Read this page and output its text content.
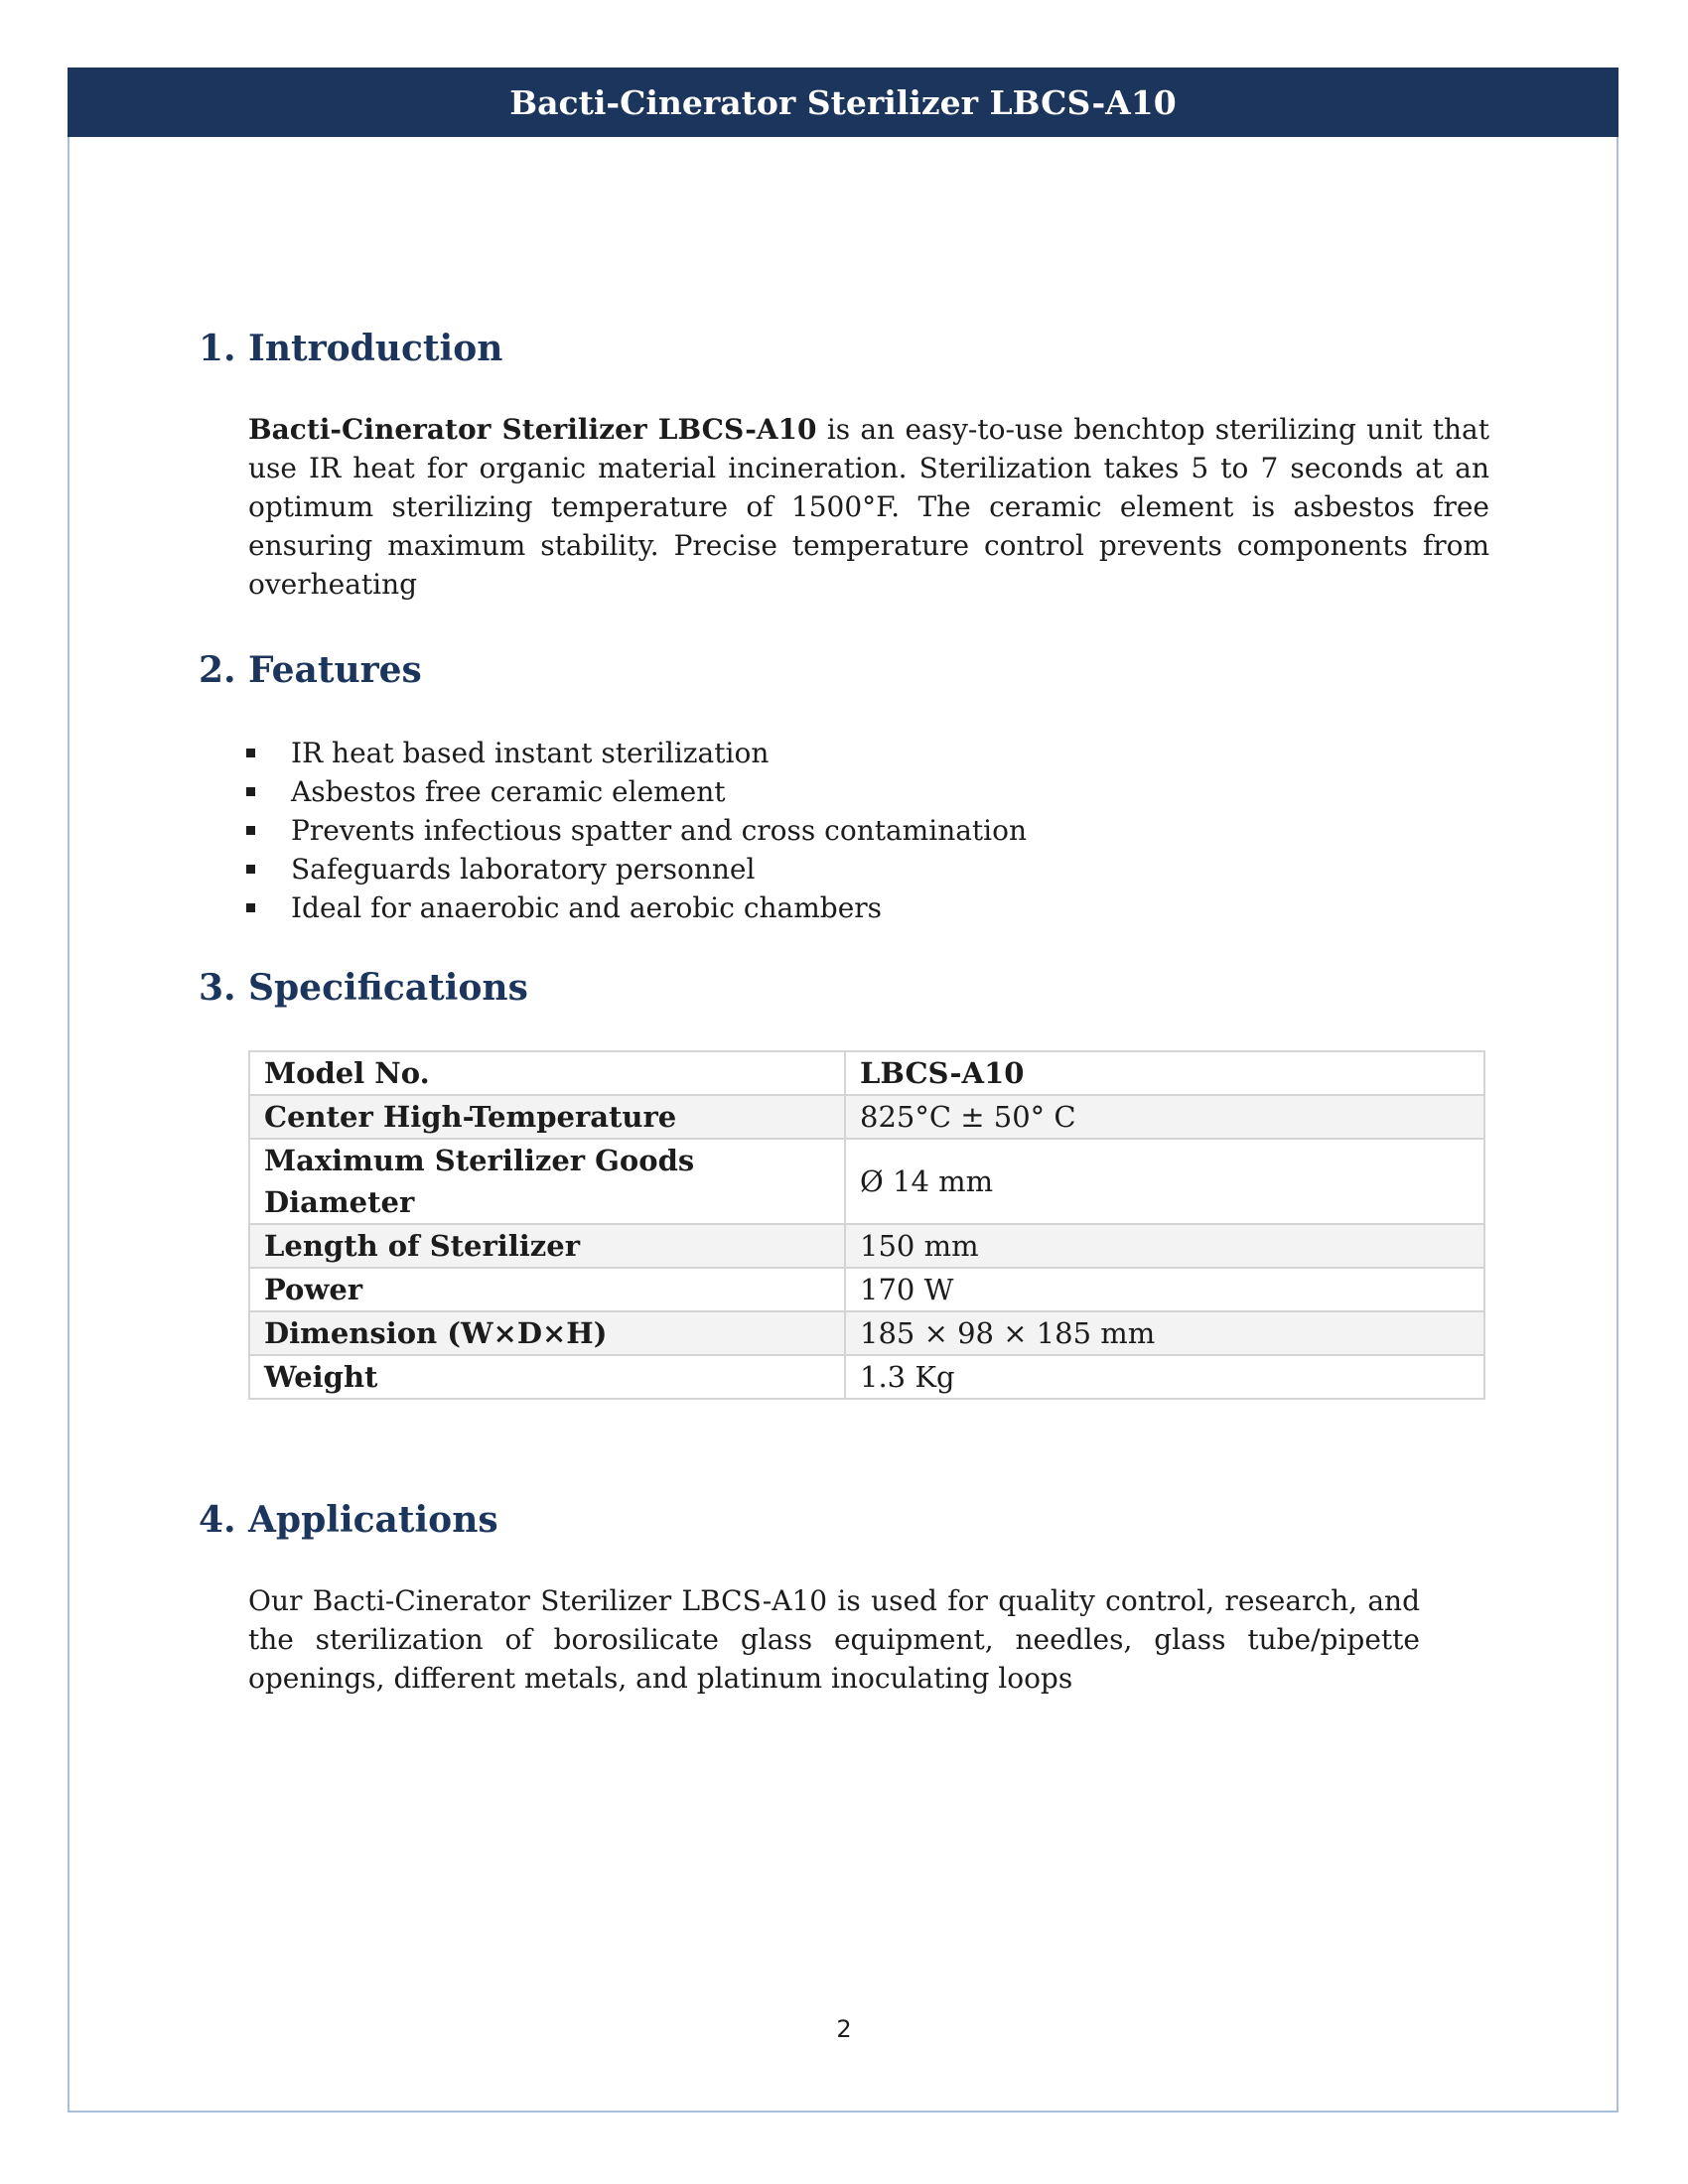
Bacti-Cinerator Sterilizer LBCS-A10
1. Introduction

Bacti-Cinerator Sterilizer LBCS-A10 is an easy-to-use benchtop sterilizing unit that use IR heat for organic material incineration. Sterilization takes 5 to 7 seconds at an optimum sterilizing temperature of 1500°F. The ceramic element is asbestos free ensuring maximum stability. Precise temperature control prevents components from overheating

2. Features
IR heat based instant sterilization
Asbestos free ceramic element
Prevents infectious spatter and cross contamination
Safeguards laboratory personnel
Ideal for anaerobic and aerobic chambers
3. Specifications
Model No.	LBCS-A10
Center High-Temperature	825°C ± 50° C
Maximum Sterilizer Goods Diameter	Ø 14 mm
Length of Sterilizer	150 mm
Power	170 W
Dimension (W×D×H)	185 × 98 × 185 mm
Weight	1.3 Kg
4. Applications

Our Bacti-Cinerator Sterilizer LBCS-A10 is used for quality control, research, and the sterilization of borosilicate glass equipment, needles, glass tube/pipette openings, different metals, and platinum inoculating loops

2
